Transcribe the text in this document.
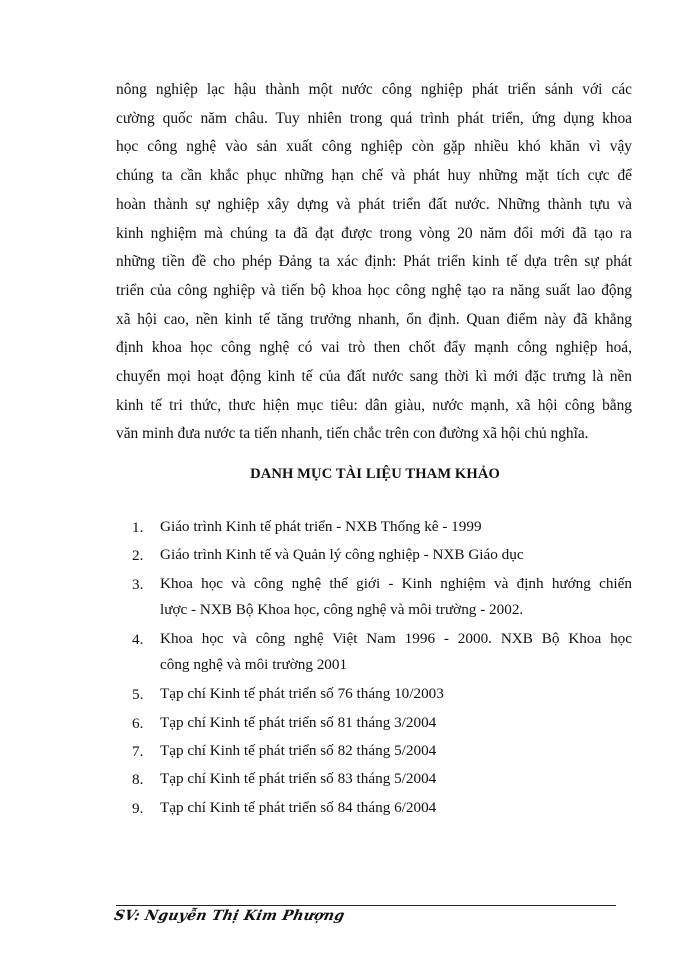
nông nghiệp lạc hậu thành một nước công nghiệp phát triển sánh với các
cường quốc năm châu. Tuy nhiên trong quá trình phát triển, ứng dụng khoa
học công nghệ vào sản xuất công nghiệp còn gặp nhiều khó khăn vì vậy
chúng ta cần khắc phục những hạn chế và phát huy những mặt tích cực để
hoàn thành sự nghiệp xây dựng và phát triển đất nước. Những thành tựu và
kinh nghiệm mà chúng ta đã đạt được trong vòng 20 năm đổi mới đã tạo ra
những tiền đề cho phép Đảng ta xác định: Phát triển kinh tế dựa trên sự phát
triển của công nghiệp và tiến bộ khoa học công nghệ tạo ra năng suất lao động
xã hội cao, nền kinh tế tăng trưởng nhanh, ổn định. Quan điểm này đã khẳng
định khoa học công nghệ có vai trò then chốt đẩy mạnh công nghiệp hoá,
chuyển mọi hoạt động kinh tế của đất nước sang thời kì mới đặc trưng là nền
kinh tế tri thức, thưc hiện mục tiêu: dân giàu, nước mạnh, xã hội công bằng
văn minh đưa nước ta tiến nhanh, tiến chắc trên con đường xã hội chủ nghĩa.

DANH MỤC TÀI LIỆU THAM KHẢO
1.	Giáo trình Kinh tế phát triển - NXB Thống kê - 1999
2.	Giáo trình Kinh tế và Quản lý công nghiệp - NXB Giáo dục
3.	Khoa học và công nghệ thế giới - Kinh nghiệm và định hướng chiến
lược - NXB Bộ Khoa học, công nghệ và môi trường - 2002.
4.	Khoa học và công nghệ Việt Nam 1996 - 2000. NXB Bộ Khoa học
công nghệ và môi trường 2001
5.	Tạp chí Kinh tế phát triển số 76 tháng 10/2003
6.	Tạp chí Kinh tế phát triển số 81 tháng 3/2004
7.	Tạp chí Kinh tế phát triển số 82 tháng 5/2004
8.	Tạp chí Kinh tế phát triển số 83 tháng 5/2004
9.	Tạp chí Kinh tế phát triển số 84 tháng 6/2004
SV: Nguyễn Thị Kim Phượng
